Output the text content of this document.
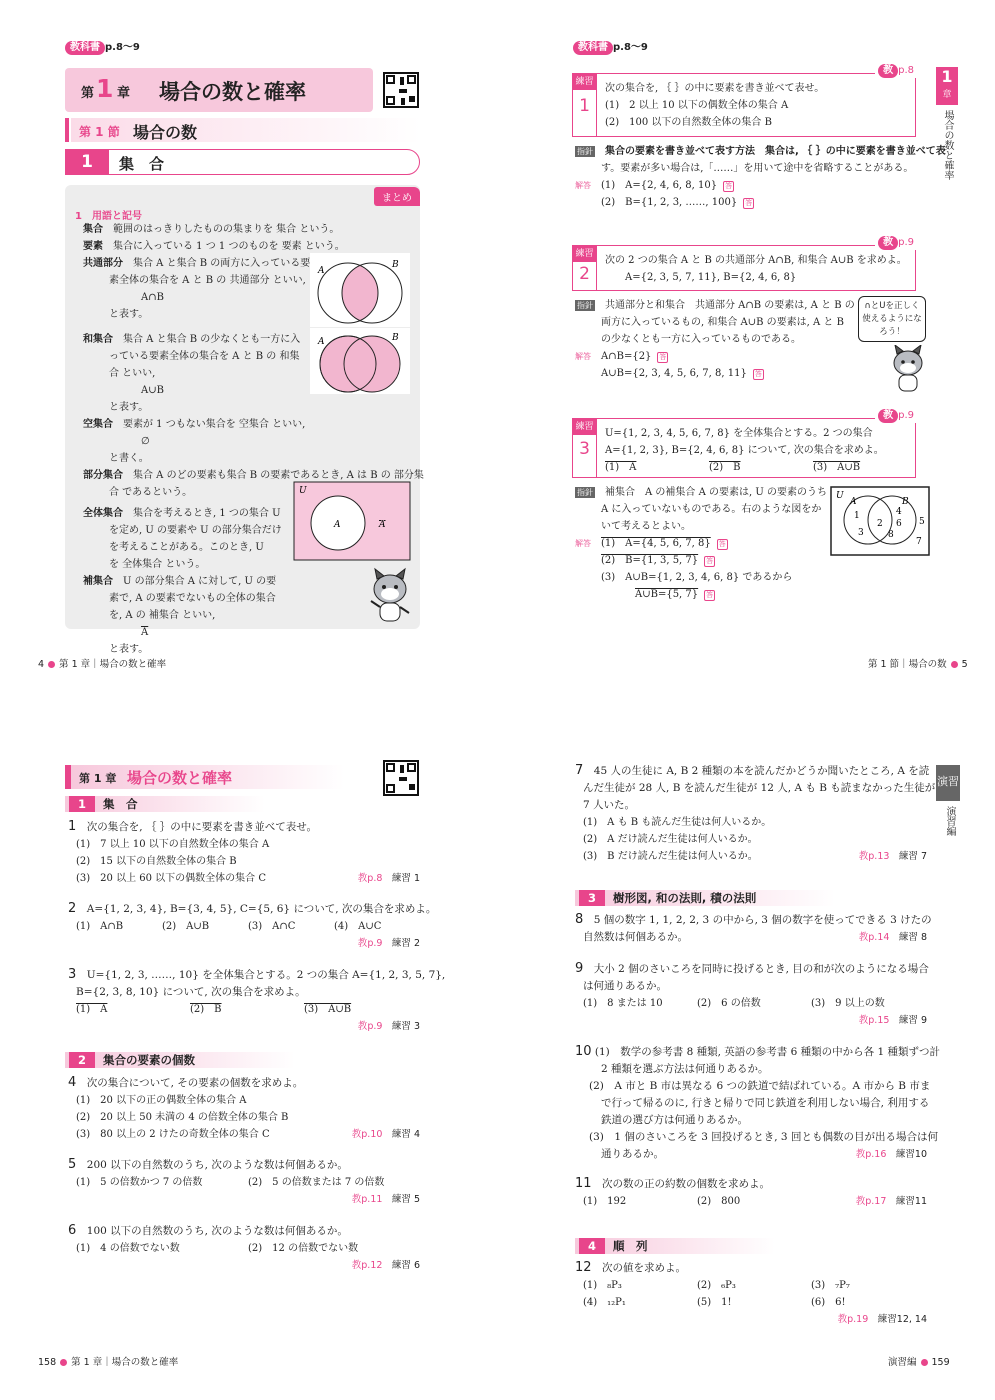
教科書 p.8〜9
第 1 章 場合の数と確率
第 1 節 場合の数
1	集　合
まとめ
1　用語と記号
集合　 範囲のはっきりしたものの集まりを 集合 という。
要素　 集合に入っている 1 つ 1 つのものを 要素 という。
共通部分　 集合 A と集合 B の両方に入っている要
素全体の集合を A と B の 共通部分 といい,
A∩B
と表す。
和集合　 集合 A と集合 B の少なくとも一方に入
っている要素全体の集合を A と B の 和集
合 といい,
A∪B
と表す。
空集合　 要素が 1 つもない集合を 空集合 といい,
∅
と書く。
部分集合　 集合 A のどの要素も集合 B の要素であるとき, A は B の 部分集
合 であるという。
全体集合　 集合を考えるとき, 1 つの集合 U
を定め, U の要素や U の部分集合だけ
を考えることがある。このとき, U
を 全体集合 という。
補集合　 U の部分集合 A に対して, U の要
素で, A の要素でないもの全体の集合
を, A の 補集合 といい,
$\overline{A}$
と表す。
A
B
A	B
U
A	A
4 第 1 章｜場合の数と確率
教科書 p.8〜9
1
章
場合の数と確率
練習
1
教 p.8
次の集合を, ｛ ｝の中に要素を書き並べて表せ。
(1)　2 以上 10 以下の偶数全体の集合 A
(2)　100 以下の自然数全体の集合 B
指針　 集合の要素を書き並べて表す方法　集合は, ｛ ｝の中に要素を書き並べて表
す。要素が多い場合は,「……」を用いて途中を省略することがある。
解答　 (1)　A={2, 4, 6, 8, 10} 答
(2)　B={1, 2, 3, ……, 100} 答
練習
2
教 p.9
次の 2 つの集合 A と B の共通部分 A∩B, 和集合 A∪B を求めよ。
A={2, 3, 5, 7, 11}, B={2, 4, 6, 8}
指針　 共通部分と和集合　共通部分 A∩B の要素は, A と B の
両方に入っているもの, 和集合 A∪B の要素は, A と B
の少なくとも一方に入っているものである。
解答　 A∩B={2} 答
A∪B={2, 3, 4, 5, 6, 7, 8, 11} 答
∩とUを正しく
使えるようにな
ろう！
練習
3
教 p.9
U={1, 2, 3, 4, 5, 6, 7, 8} を全体集合とする。2 つの集合
A={1, 2, 3}, B={2, 4, 6, 8} について, 次の集合を求めよ。
(1)　A	(2)　B	(3)　A∪B
指針　 補集合　A の補集合 A の要素は, U の要素のうち
A に入っていないものである。右のような図をか
いて考えるとよい。
解答　 (1)　A={4, 5, 6, 7, 8} 答
(2)　B={1, 3, 5, 7} 答
(3)　A∪B={1, 2, 3, 4, 6, 8} であるから
A∪B={5, 7} 答
U
A	B
1
2
3
4
5
6
7
8
第 1 節｜場合の数 5
第 1 章 場合の数と確率
1 集　合
1　 次の集合を, ｛ ｝の中に要素を書き並べて表せ。
(1)　7 以上 10 以下の自然数全体の集合 A
(2)　15 以下の自然数全体の集合 B
(3)　20 以上 60 以下の偶数全体の集合 C	教p.8　 練習 1
2　 A={1, 2, 3, 4}, B={3, 4, 5}, C={5, 6} について, 次の集合を求めよ。
(1)　A∩B	(2)　A∪B	(3)　A∩C	(4)　A∪C
教p.9　練習 2
3　 U={1, 2, 3, ……, 10} を全体集合とする。2 つの集合 A={1, 2, 3, 5, 7},
B={2, 3, 8, 10} について, 次の集合を求めよ。
(1)　A	(2)　B	(3)　A∪B
教p.9　練習 3
2 集合の要素の個数
4　 次の集合について, その要素の個数を求めよ。
(1)　20 以下の正の偶数全体の集合 A
(2)　20 以上 50 未満の 4 の倍数全体の集合 B
(3)　80 以上の 2 けたの奇数全体の集合 C	教p.10　 練習 4
5　 200 以下の自然数のうち, 次のような数は何個あるか。
(1)　5 の倍数かつ 7 の倍数	(2)　5 の倍数または 7 の倍数
教p.11　 練習 5
6　 100 以下の自然数のうち, 次のような数は何個あるか。
(1)　4 の倍数でない数	(2)　12 の倍数でない数
教p.12　 練習 6
158 第 1 章｜場合の数と確率
演習
演習編
7　 45 人の生徒に A, B 2 種類の本を読んだかどうか聞いたところ, A を読
んだ生徒が 28 人, B を読んだ生徒が 12 人, A も B も読まなかった生徒が
7 人いた。
(1)　A も B も読んだ生徒は何人いるか。
(2)　A だけ読んだ生徒は何人いるか。
(3)　B だけ読んだ生徒は何人いるか。	教p.13　 練習 7
3 樹形図, 和の法則, 積の法則
8　 5 個の数字 1, 1, 2, 2, 3 の中から, 3 個の数字を使ってできる 3 けたの
自然数は何個あるか。	教p.14　 練習 8
9　 大小 2 個のさいころを同時に投げるとき, 目の和が次のようになる場合
は何通りあるか。
(1)　8 または 10	(2)　6 の倍数	(3)　9 以上の数
教p.15　 練習 9
10 (1)　数学の参考書 8 種類, 英語の参考書 6 種類の中から各 1 種類ずつ計
2 種類を選ぶ方法は何通りあるか。
(2)　A 市と B 市は異なる 6 つの鉄道で結ばれている。A 市から B 市ま
で行って帰るのに, 行きと帰りで同じ鉄道を利用しない場合, 利用する
鉄道の選び方は何通りあるか。
(3)　1 個のさいころを 3 回投げるとき, 3 回とも偶数の目が出る場合は何
通りあるか。	教p.16　 練習10
11　 次の数の正の約数の個数を求めよ。
(1)　192	(2)　800	教p.17　 練習11
4 順　列
12　 次の値を求めよ。
(1)　₈P₃	(2)　₆P₃	(3)　₇P₇
(4)　₁₂P₁	(5)　1!	(6)　6!
教p.19　 練習12, 14
演習編 159
